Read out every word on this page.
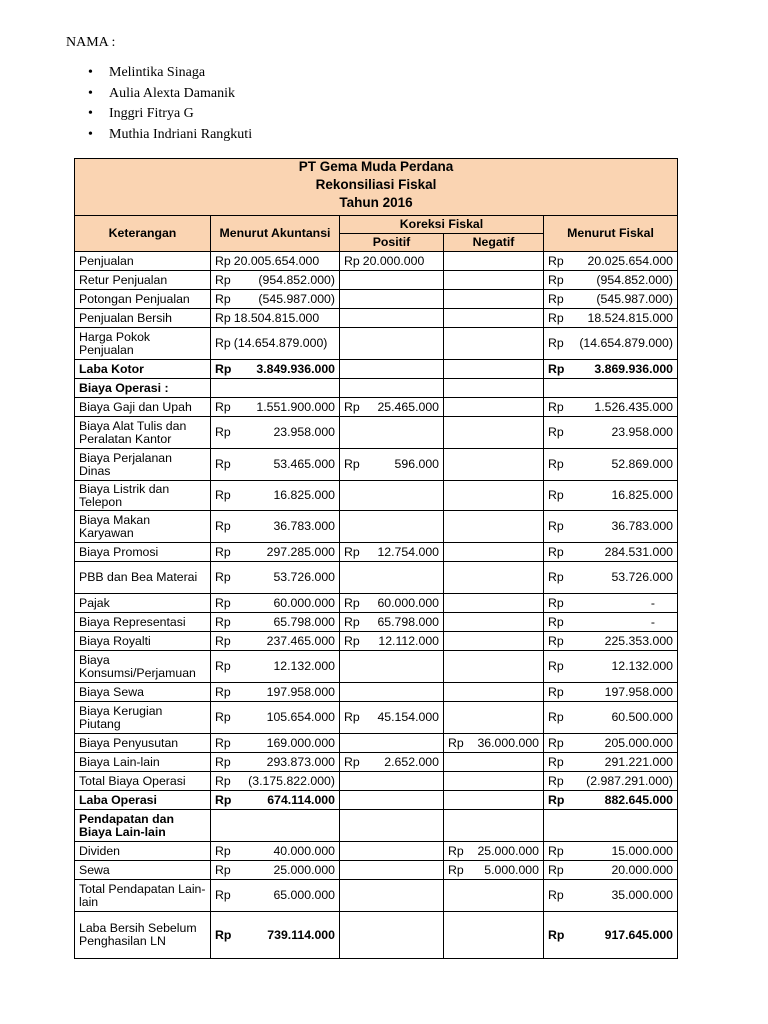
NAMA :
• Melintika Sinaga
• Aulia Alexta Damanik
• Inggri Fitrya G
• Muthia Indriani Rangkuti
PT Gema Muda Perdana
Rekonsiliasi Fiskal
Tahun 2016				

Keterangan	Menurut Akuntansi	Koreksi Fiskal		Menurut Fiskal
		Positif	Negatif	
Penjualan	Rp 20.005.654.000	Rp 20.000.000		Rp 20.025.654.000

Retur Penjualan	Rp (954.852.000)			Rp (954.852.000)

Potongan Penjualan	Rp (545.987.000)			Rp (545.987.000)

Penjualan Bersih	Rp 18.504.815.000			Rp 18.524.815.000

Harga Pokok Penjualan	Rp (14.654.879.000)			Rp (14.654.879.000)

Laba Kotor	Rp 3.849.936.000			Rp 3.869.936.000

Biaya Operasi :				
Biaya Gaji dan Upah	Rp 1.551.900.000	Rp 25.465.000		Rp 1.526.435.000

Biaya Alat Tulis dan Peralatan Kantor	Rp 23.958.000			Rp 23.958.000

Biaya Perjalanan Dinas	Rp 53.465.000	Rp 596.000		Rp 52.869.000

Biaya Listrik dan Telepon	Rp 16.825.000			Rp 16.825.000

Biaya Makan Karyawan	Rp 36.783.000			Rp 36.783.000

Biaya Promosi	Rp 297.285.000	Rp 12.754.000		Rp 284.531.000

PBB dan Bea Materai	Rp 53.726.000			Rp 53.726.000

Pajak	Rp 60.000.000	Rp 60.000.000		Rp -

Biaya Representasi	Rp 65.798.000	Rp 65.798.000		Rp -

Biaya Royalti	Rp 237.465.000	Rp 12.112.000		Rp 225.353.000

Biaya Konsumsi/Perjamuan	Rp 12.132.000			Rp 12.132.000

Biaya Sewa	Rp 197.958.000			Rp 197.958.000

Biaya Kerugian Piutang	Rp 105.654.000	Rp 45.154.000		Rp 60.500.000

Biaya Penyusutan	Rp 169.000.000		Rp 36.000.000	Rp 205.000.000

Biaya Lain-lain	Rp 293.873.000	Rp 2.652.000		Rp 291.221.000

Total Biaya Operasi	Rp (3.175.822.000)			Rp (2.987.291.000)

Laba Operasi	Rp 674.114.000			Rp 882.645.000

Pendapatan dan Biaya Lain-lain				
Dividen	Rp 40.000.000		Rp 25.000.000	Rp 15.000.000

Sewa	Rp 25.000.000		Rp 5.000.000	Rp 20.000.000

Total Pendapatan Lain-lain	Rp 65.000.000			Rp 35.000.000

Laba Bersih Sebelum Penghasilan LN	Rp 739.114.000			Rp 917.645.000
